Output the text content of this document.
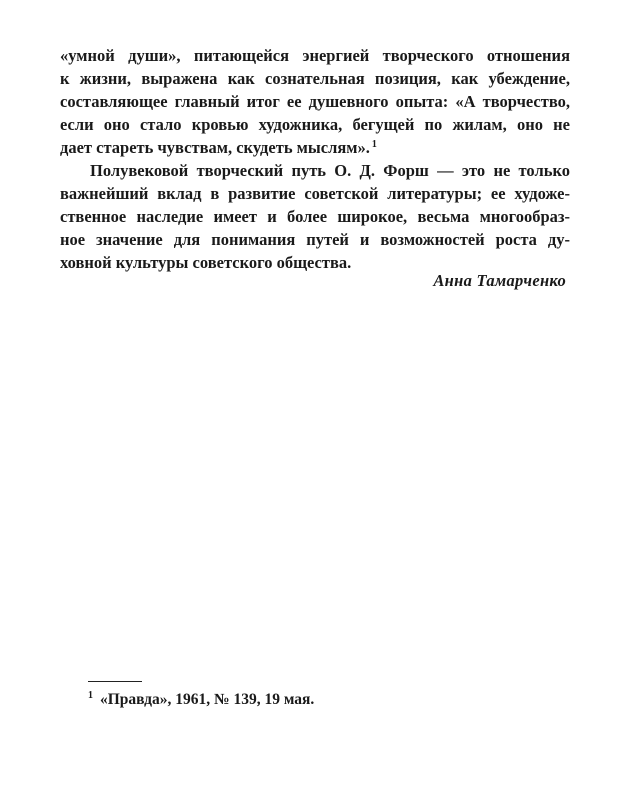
«умной души», питающейся энергией творческого отношения
к жизни, выражена как сознательная позиция, как убеждение,
составляющее главный итог ее душевного опыта: «А творчество,
если оно стало кровью художника, бегущей по жилам, оно не
дает стареть чувствам, скудеть мыслям». $^1$
Полувековой творческий путь О. Д. Форш — это не только
важнейший вклад в развитие советской литературы; ее художе-
ственное наследие имеет и более широкое, весьма многообраз-
ное значение для понимания путей и возможностей роста ду-
ховной культуры советского общества.
Анна Тамарченко
$^1$ «Правда», 1961, № 139, 19 мая.
